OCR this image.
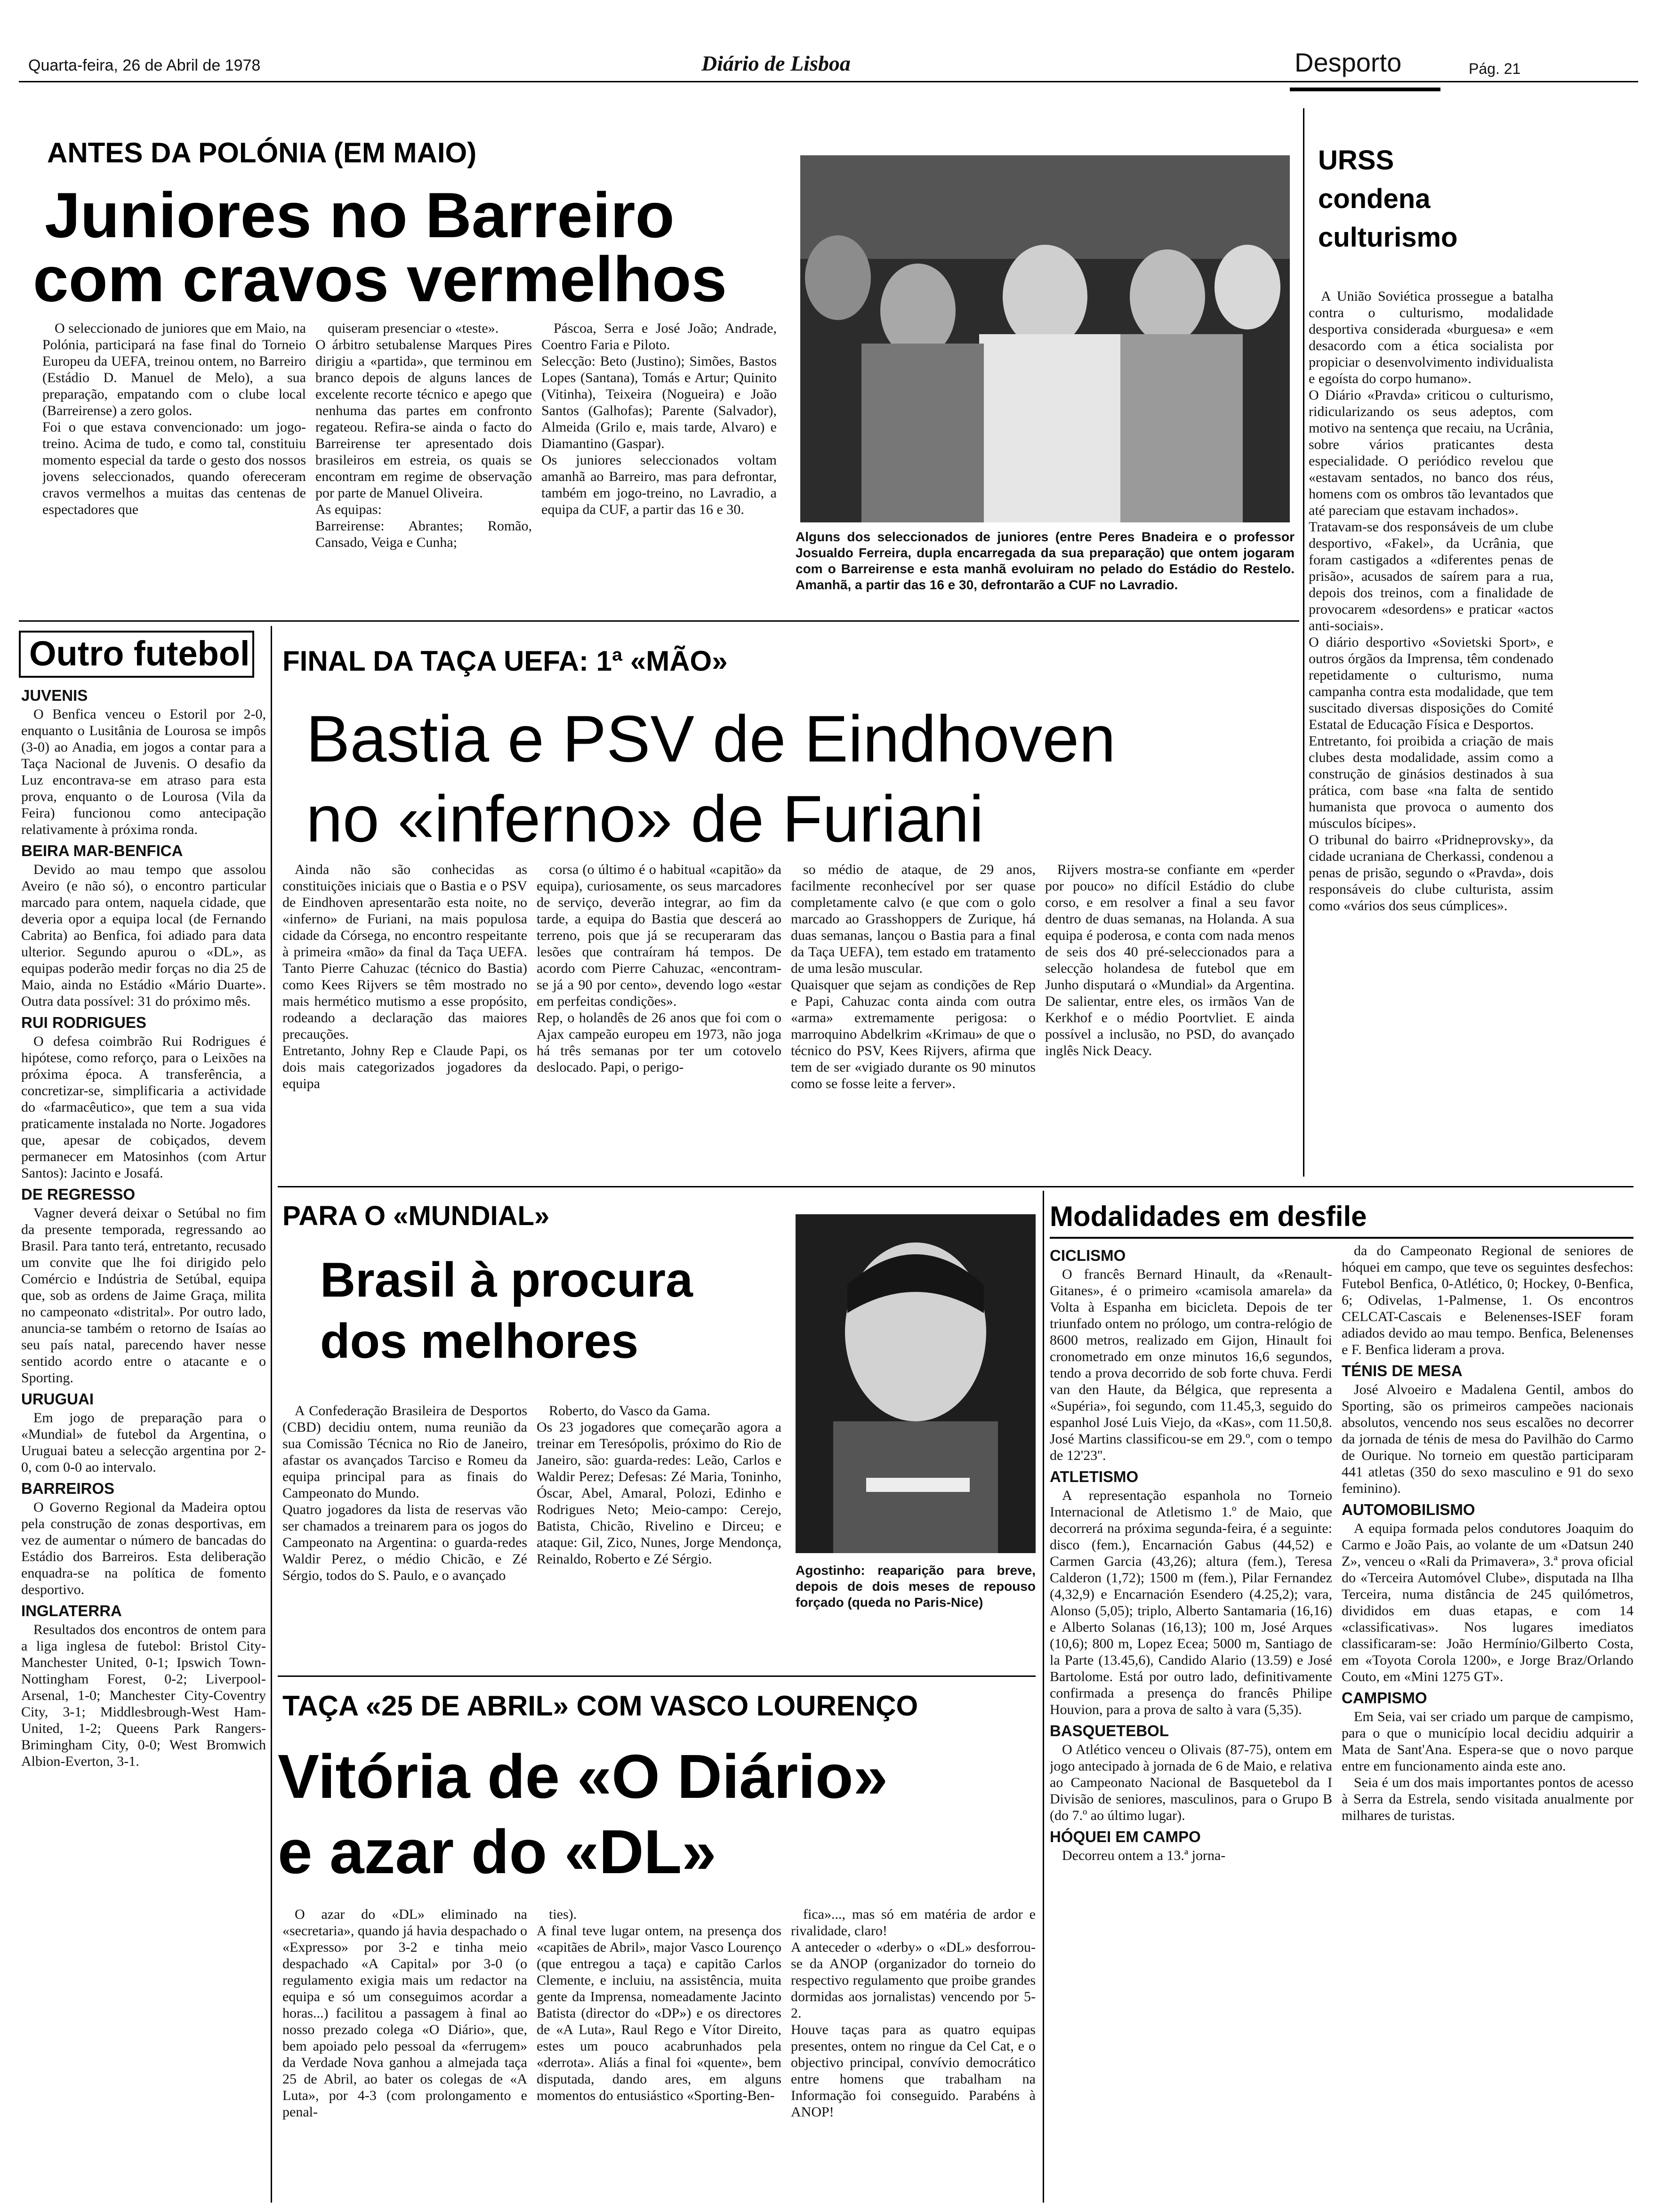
Quarta-feira, 26 de Abril de 1978	Diário de Lisboa	Desporto	Pág. 21
ANTES DA POLÓNIA (EM MAIO)
Juniores no Barreiro
com cravos vermelhos

O seleccionado de juniores que em Maio, na Polónia, participará na fase final do Torneio Europeu da UEFA, treinou ontem, no Barreiro (Estádio D. Manuel de Melo), a sua preparação, empatando com o clube local (Barreirense) a zero golos.
Foi o que estava convencionado: um jogo-treino. Acima de tudo, e como tal, constituiu momento especial da tarde o gesto dos nossos jovens seleccionados, quando ofereceram cravos vermelhos a muitas das centenas de espectadores que

quiseram presenciar o «teste».
O árbitro setubalense Marques Pires dirigiu a «partida», que terminou em branco depois de alguns lances de excelente recorte técnico e apego que nenhuma das partes em confronto regateou. Refira-se ainda o facto do Barreirense ter apresentado dois brasileiros em estreia, os quais se encontram em regime de observação por parte de Manuel Oliveira.
As equipas:
Barreirense: Abrantes; Romão, Cansado, Veiga e Cunha;

Páscoa, Serra e José João; Andrade, Coentro Faria e Piloto.
Selecção: Beto (Justino); Simões, Bastos Lopes (Santana), Tomás e Artur; Quinito (Vitinha), Teixeira (Nogueira) e João Santos (Galhofas); Parente (Salvador), Almeida (Grilo e, mais tarde, Alvaro) e Diamantino (Gaspar).
Os juniores seleccionados voltam amanhã ao Barreiro, mas para defrontar, também em jogo-treino, no Lavradio, a equipa da CUF, a partir das 16 e 30.

Alguns dos seleccionados de juniores (entre Peres Bnadeira e o professor Josualdo Ferreira, dupla encarregada da sua preparação) que ontem jogaram com o Barreirense e esta manhã evoluiram no pelado do Estádio do Restelo. Amanhã, a partir das 16 e 30, defrontarão a CUF no Lavradio.
URSS condena culturismo

A União Soviética prossegue a batalha contra o culturismo, modalidade desportiva considerada «burguesa» e «em desacordo com a ética socialista por propiciar o desenvolvimento individualista e egoísta do corpo humano».
O Diário «Pravda» criticou o culturismo, ridicularizando os seus adeptos, com motivo na sentença que recaiu, na Ucrânia, sobre vários praticantes desta especialidade. O periódico revelou que «estavam sentados, no banco dos réus, homens com os ombros tão levantados que até pareciam que estavam inchados».
Tratavam-se dos responsáveis de um clube desportivo, «Fakel», da Ucrânia, que foram castigados a «diferentes penas de prisão», acusados de saírem para a rua, depois dos treinos, com a finalidade de provocarem «desordens» e praticar «actos anti-sociais».
O diário desportivo «Sovietski Sport», e outros órgãos da Imprensa, têm condenado repetidamente o culturismo, numa campanha contra esta modalidade, que tem suscitado diversas disposições do Comité Estatal de Educação Física e Desportos.
Entretanto, foi proibida a criação de mais clubes desta modalidade, assim como a construção de ginásios destinados à sua prática, com base «na falta de sentido humanista que provoca o aumento dos músculos bícipes».
O tribunal do bairro «Pridneprovsky», da cidade ucraniana de Cherkassi, condenou a penas de prisão, segundo o «Pravda», dois responsáveis do clube culturista, assim como «vários dos seus cúmplices».

Outro futebol
JUVENIS

O Benfica venceu o Estoril por 2-0, enquanto o Lusitânia de Lourosa se impôs (3-0) ao Anadia, em jogos a contar para a Taça Nacional de Juvenis. O desafio da Luz encontrava-se em atraso para esta prova, enquanto o de Lourosa (Vila da Feira) funcionou como antecipação relativamente à próxima ronda.

BEIRA MAR-BENFICA

Devido ao mau tempo que assolou Aveiro (e não só), o encontro particular marcado para ontem, naquela cidade, que deveria opor a equipa local (de Fernando Cabrita) ao Benfica, foi adiado para data ulterior. Segundo apurou o «DL», as equipas poderão medir forças no dia 25 de Maio, ainda no Estádio «Mário Duarte». Outra data possível: 31 do próximo mês.

RUI RODRIGUES

O defesa coimbrão Rui Rodrigues é hipótese, como reforço, para o Leixões na próxima época. A transferência, a concretizar-se, simplificaria a actividade do «farmacêutico», que tem a sua vida praticamente instalada no Norte. Jogadores que, apesar de cobiçados, devem permanecer em Matosinhos (com Artur Santos): Jacinto e Josafá.

DE REGRESSO

Vagner deverá deixar o Setúbal no fim da presente temporada, regressando ao Brasil. Para tanto terá, entretanto, recusado um convite que lhe foi dirigido pelo Comércio e Indústria de Setúbal, equipa que, sob as ordens de Jaime Graça, milita no campeonato «distrital». Por outro lado, anuncia-se também o retorno de Isaías ao seu país natal, parecendo haver nesse sentido acordo entre o atacante e o Sporting.

URUGUAI

Em jogo de preparação para o «Mundial» de futebol da Argentina, o Uruguai bateu a selecção argentina por 2-0, com 0-0 ao intervalo.

BARREIROS

O Governo Regional da Madeira optou pela construção de zonas desportivas, em vez de aumentar o número de bancadas do Estádio dos Barreiros. Esta deliberação enquadra-se na política de fomento desportivo.

INGLATERRA

Resultados dos encontros de ontem para a liga inglesa de futebol: Bristol City-Manchester United, 0-1; Ipswich Town-Nottingham Forest, 0-2; Liverpool-Arsenal, 1-0; Manchester City-Coventry City, 3-1; Middlesbrough-West Ham-United, 1-2; Queens Park Rangers-Brimingham City, 0-0; West Bromwich Albion-Everton, 3-1.

FINAL DA TAÇA UEFA: 1ª «MÃO»
Bastia e PSV de Eindhoven
no «inferno» de Furiani

Ainda não são conhecidas as constituições iniciais que o Bastia e o PSV de Eindhoven apresentarão esta noite, no «inferno» de Furiani, na mais populosa cidade da Córsega, no encontro respeitante à primeira «mão» da final da Taça UEFA. Tanto Pierre Cahuzac (técnico do Bastia) como Kees Rijvers se têm mostrado no mais hermético mutismo a esse propósito, rodeando a declaração das maiores precauções.
Entretanto, Johny Rep e Claude Papi, os dois mais categorizados jogadores da equipa

corsa (o último é o habitual «capitão» da equipa), curiosamente, os seus marcadores de serviço, deverão integrar, ao fim da tarde, a equipa do Bastia que descerá ao terreno, pois que já se recuperaram das lesões que contraíram há tempos. De acordo com Pierre Cahuzac, «encontram-se já a 90 por cento», devendo logo «estar em perfeitas condições».
Rep, o holandês de 26 anos que foi com o Ajax campeão europeu em 1973, não joga há três semanas por ter um cotovelo deslocado. Papi, o perigo-

so médio de ataque, de 29 anos, facilmente reconhecível por ser quase completamente calvo (e que com o golo marcado ao Grasshoppers de Zurique, há duas semanas, lançou o Bastia para a final da Taça UEFA), tem estado em tratamento de uma lesão muscular.
Quaisquer que sejam as condições de Rep e Papi, Cahuzac conta ainda com outra «arma» extremamente perigosa: o marroquino Abdelkrim «Krimau» de que o técnico do PSV, Kees Rijvers, afirma que tem de ser «vigiado durante os 90 minutos como se fosse leite a ferver».

Rijvers mostra-se confiante em «perder por pouco» no difícil Estádio do clube corso, e em resolver a final a seu favor dentro de duas semanas, na Holanda. A sua equipa é poderosa, e conta com nada menos de seis dos 40 pré-seleccionados para a selecção holandesa de futebol que em Junho disputará o «Mundial» da Argentina. De salientar, entre eles, os irmãos Van de Kerkhof e o médio Poortvliet. E ainda possível a inclusão, no PSD, do avançado inglês Nick Deacy.

PARA O «MUNDIAL»
Brasil à procura
dos melhores

A Confederação Brasileira de Desportos (CBD) decidiu ontem, numa reunião da sua Comissão Técnica no Rio de Janeiro, afastar os avançados Tarciso e Romeu da equipa principal para as finais do Campeonato do Mundo.
Quatro jogadores da lista de reservas vão ser chamados a treinarem para os jogos do Campeonato na Argentina: o guarda-redes Waldir Perez, o médio Chicão, e Zé Sérgio, todos do S. Paulo, e o avançado

Roberto, do Vasco da Gama.
Os 23 jogadores que começarão agora a treinar em Teresópolis, próximo do Rio de Janeiro, são: guarda-redes: Leão, Carlos e Waldir Perez; Defesas: Zé Maria, Toninho, Óscar, Abel, Amaral, Polozi, Edinho e Rodrigues Neto; Meio-campo: Cerejo, Batista, Chicão, Rivelino e Dirceu; e ataque: Gil, Zico, Nunes, Jorge Mendonça, Reinaldo, Roberto e Zé Sérgio.

Agostinho: reaparição para breve, depois de dois meses de repouso forçado (queda no Paris-Nice)
TAÇA «25 DE ABRIL» COM VASCO LOURENÇO
Vitória de «O Diário»
e azar do «DL»

O azar do «DL» eliminado na «secretaria», quando já havia despachado o «Expresso» por 3-2 e tinha meio despachado «A Capital» por 3-0 (o regulamento exigia mais um redactor na equipa e só um conseguimos acordar a horas...) facilitou a passagem à final ao nosso prezado colega «O Diário», que, bem apoiado pelo pessoal da «ferrugem» da Verdade Nova ganhou a almejada taça 25 de Abril, ao bater os colegas de «A Luta», por 4-3 (com prolongamento e penal-

ties).
A final teve lugar ontem, na presença dos «capitães de Abril», major Vasco Lourenço (que entregou a taça) e capitão Carlos Clemente, e incluiu, na assistência, muita gente da Imprensa, nomeadamente Jacinto Batista (director do «DP») e os directores de «A Luta», Raul Rego e Vítor Direito, estes um pouco acabrunhados pela «derrota». Aliás a final foi «quente», bem disputada, dando ares, em alguns momentos do entusiástico «Sporting-Ben-

fica»..., mas só em matéria de ardor e rivalidade, claro!
A anteceder o «derby» o «DL» desforrou-se da ANOP (organizador do torneio do respectivo regulamento que proibe grandes dormidas aos jornalistas) vencendo por 5-2.
Houve taças para as quatro equipas presentes, ontem no ringue da Cel Cat, e o objectivo principal, convívio democrático entre homens que trabalham na Informação foi conseguido. Parabéns à ANOP!

Modalidades em desfile
CICLISMO

O francês Bernard Hinault, da «Renault-Gitanes», é o primeiro «camisola amarela» da Volta à Espanha em bicicleta. Depois de ter triunfado ontem no prólogo, um contra-relógio de 8600 metros, realizado em Gijon, Hinault foi cronometrado em onze minutos 16,6 segundos, tendo a prova decorrido de sob forte chuva. Ferdi van den Haute, da Bélgica, que representa a «Supéria», foi segundo, com 11.45,3, seguido do espanhol José Luis Viejo, da «Kas», com 11.50,8. José Martins classificou-se em 29.º, com o tempo de 12'23''.

ATLETISMO

A representação espanhola no Torneio Internacional de Atletismo 1.º de Maio, que decorrerá na próxima segunda-feira, é a seguinte: disco (fem.), Encarnación Gabus (44,52) e Carmen Garcia (43,26); altura (fem.), Teresa Calderon (1,72); 1500 m (fem.), Pilar Fernandez (4,32,9) e Encarnación Esendero (4.25,2); vara, Alonso (5,05); triplo, Alberto Santamaria (16,16) e Alberto Solanas (16,13); 100 m, José Arques (10,6); 800 m, Lopez Ecea; 5000 m, Santiago de la Parte (13.45,6), Candido Alario (13.59) e José Bartolome. Está por outro lado, definitivamente confirmada a presença do francês Philipe Houvion, para a prova de salto à vara (5,35).

BASQUETEBOL

O Atlético venceu o Olivais (87-75), ontem em jogo antecipado à jornada de 6 de Maio, e relativa ao Campeonato Nacional de Basquetebol da I Divisão de seniores, masculinos, para o Grupo B (do 7.º ao último lugar).

HÓQUEI EM CAMPO

Decorreu ontem a 13.ª jorna-

da do Campeonato Regional de seniores de hóquei em campo, que teve os seguintes desfechos: Futebol Benfica, 0-Atlético, 0; Hockey, 0-Benfica, 6; Odivelas, 1-Palmense, 1. Os encontros CELCAT-Cascais e Belenenses-ISEF foram adiados devido ao mau tempo. Benfica, Belenenses e F. Benfica lideram a prova.

TÉNIS DE MESA

José Alvoeiro e Madalena Gentil, ambos do Sporting, são os primeiros campeões nacionais absolutos, vencendo nos seus escalões no decorrer da jornada de ténis de mesa do Pavilhão do Carmo de Ourique. No torneio em questão participaram 441 atletas (350 do sexo masculino e 91 do sexo feminino).

AUTOMOBILISMO

A equipa formada pelos condutores Joaquim do Carmo e João Pais, ao volante de um «Datsun 240 Z», venceu o «Rali da Primavera», 3.ª prova oficial do «Terceira Automóvel Clube», disputada na Ilha Terceira, numa distância de 245 quilómetros, divididos em duas etapas, e com 14 «classificativas». Nos lugares imediatos classificaram-se: João Hermínio/Gilberto Costa, em «Toyota Corola 1200», e Jorge Braz/Orlando Couto, em «Mini 1275 GT».

CAMPISMO

Em Seia, vai ser criado um parque de campismo, para o que o município local decidiu adquirir a Mata de Sant'Ana. Espera-se que o novo parque entre em funcionamento ainda este ano.

Seia é um dos mais importantes pontos de acesso à Serra da Estrela, sendo visitada anualmente por milhares de turistas.
